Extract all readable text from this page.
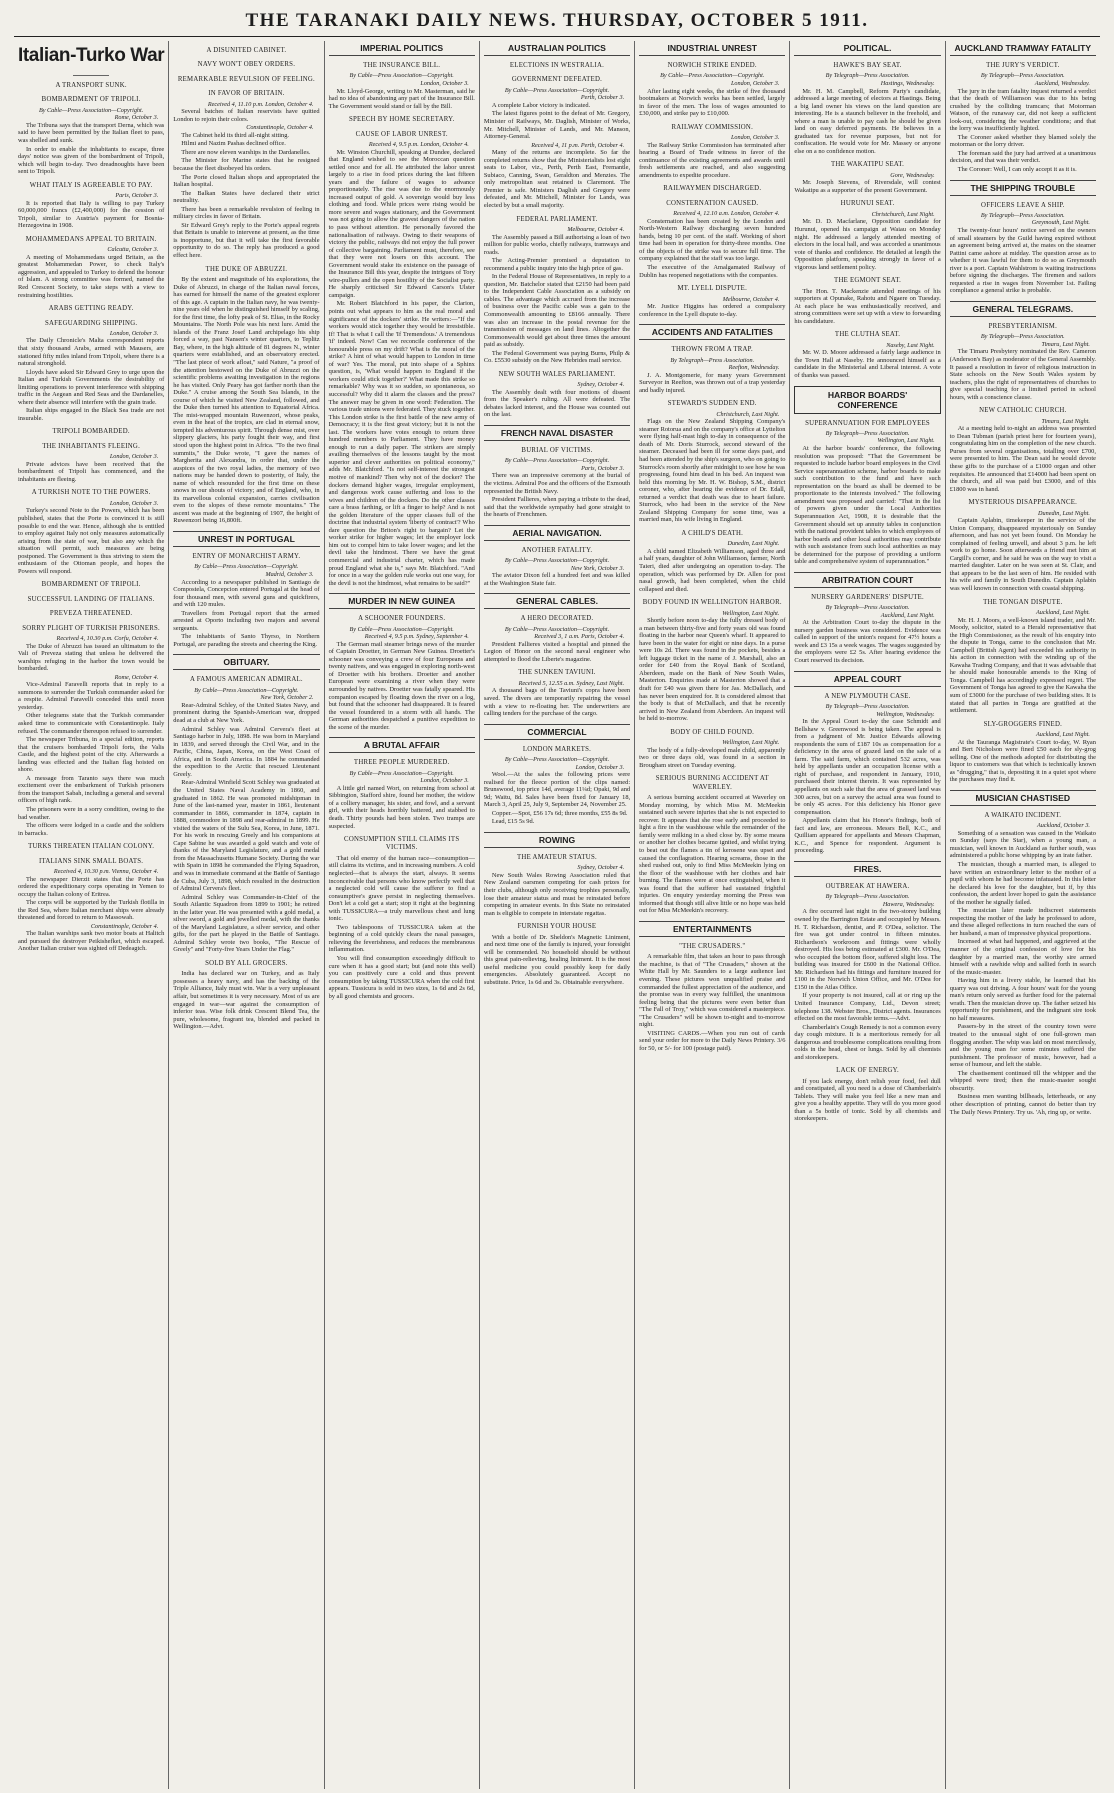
THE TARANAKI DAILY NEWS. THURSDAY, OCTOBER 5 1911.
Italian-Turko War
A TRANSPORT SUNK.
BOMBARDMENT OF TRIPOLI.
By Cable—Press Association—Copyright.
Rome, October 3.

The Tribuna says that the transport Derna, which was said to have been permitted by the Italian fleet to pass, was shelled and sunk.

In order to enable the inhabitants to escape, three days' notice was given of the bombardment of Tripoli, which will begin to-day. Two dreadnoughts have been sent to Tripoli.

WHAT ITALY IS AGREEABLE TO PAY.
Paris, October 3.

It is reported that Italy is willing to pay Turkey 60,000,000 francs (£2,400,000) for the cession of Tripoli, similar to Austria's payment for Bosnia-Herzegovina in 1908.

MOHAMMEDANS APPEAL TO BRITAIN.
Calcutta, October 3.

A meeting of Mohammedans urged Britain, as the greatest Mohammedan Power, to check Italy's aggression, and appealed to Turkey to defend the honour of Islam. A strong committee was formed, named the Red Crescent Society, to take steps with a view to restraining hostilities.

ARABS GETTING READY.
SAFEGUARDING SHIPPING.
London, October 3.

The Daily Chronicle's Malta correspondent reports that sixty thousand Arabs, armed with Mausers, are stationed fifty miles inland from Tripoli, where there is a natural stronghold.

Lloyds have asked Sir Edward Grey to urge upon the Italian and Turkish Governments the desirability of limiting operations to prevent interference with shipping traffic in the Aegean and Red Seas and the Dardanelles, where their absence will interfere with the grain trade.

Italian ships engaged in the Black Sea trade are not insurable.

TRIPOLI BOMBARDED.
THE INHABITANTS FLEEING.
London, October 3.

Private advices have been received that the bombardment of Tripoli has commenced, and the inhabitants are fleeing.

A TURKISH NOTE TO THE POWERS.
London, October 3.

Turkey's second Note to the Powers, which has been published, states that the Porte is convinced it is still possible to end the war. Hence, although she is entitled to employ against Italy not only measures automatically arising from the state of war, but also any which the situation will permit, such measures are being postponed. The Government is thus striving to stem the enthusiasm of the Ottoman people, and hopes the Powers will respond.

BOMBARDMENT OF TRIPOLI.
SUCCESSFUL LANDING OF ITALIANS.
PREVEZA THREATENED.
SORRY PLIGHT OF TURKISH PRISONERS.
Received 4, 10.30 p.m. Corfu, October 4.

The Duke of Abruzzi has issued an ultimatum to the Vali of Preveza stating that unless he delivered the warships refuging in the harbor the town would be bombarded.

Rome, October 4.

Vice-Admiral Faravelli reports that in reply to a summons to surrender the Turkish commander asked for a respite. Admiral Faravelli conceded this until noon yesterday.

Other telegrams state that the Turkish commander asked time to communicate with Constantinople. Italy refused. The commander thereupon refused to surrender.

The newspaper Tribuna, in a special edition, reports that the cruisers bombarded Tripoli forts, the Valis Castle, and the highest point of the city. Afterwards a landing was effected and the Italian flag hoisted on shore.

A message from Taranto says there was much excitement over the embarkment of Turkish prisoners from the transport Sabah, including a general and several officers of high rank.

The prisoners were in a sorry condition, owing to the bad weather.

The officers were lodged in a castle and the soldiers in barracks.

TURKS THREATEN ITALIAN COLONY.
ITALIANS SINK SMALL BOATS.
Received 4, 10.30 p.m. Vienna, October 4.

The newspaper Dierzit states that the Porte has ordered the expeditionary corps operating in Yemen to occupy the Italian colony of Eritrea.

The corps will be supported by the Turkish flotilla in the Red Sea, where Italian merchant ships were already threatened and forced to return to Massowah.

Constantinople, October 4.

The Italian warships sank two motor boats at Halitch and pursued the destroyer Peikishefket, which escaped. Another Italian cruiser was sighted off Dedeagtch.

A DISUNITED CABINET.
NAVY WON'T OBEY ORDERS.
REMARKABLE REVULSION OF FEELING.
IN FAVOR OF BRITAIN.
Received 4, 11.10 p.m. London, October 4.

Several batches of Italian reservists have quitted London to rejoin their colors.

Constantinople, October 4.

The Cabinet held its third all-night sitting.

Hilmi and Nazim Pashas declined office.

There are now eleven warships in the Dardanelles.

The Minister for Marine states that he resigned because the fleet disobeyed his orders.

The Porte closed Italian shops and appropriated the Italian hospital.

The Balkan States have declared their strict neutrality.

There has been a remarkable revulsion of feeling in military circles in favor of Britain.

Sir Edward Grey's reply to the Porte's appeal regrets that Britain is unable to intervene at present, as the time is inopportune, but that it will take the first favorable opportunity to do so. The reply has produced a good effect here.

THE DUKE OF ABRUZZI.

By the extent and magnitude of his explorations, the Duke of Abruzzi, in charge of the Italian naval forces, has earned for himself the name of the greatest explorer of this age. A captain in the Italian navy, he was twenty-nine years old when he distinguished himself by scaling, for the first time, the lofty peak of St. Elias, in the Rocky Mountains. The North Pole was his next lure. Amid the islands of the Franz Josef Land archipelago his ship forced a way, past Nansen's winter quarters, to Teplitz Bay, where, in the high altitude of 81 degrees N., winter quarters were established, and an observatory erected. "The last piece of work afloat," said Nature, "a proof of the attention bestowed on the Duke of Abruzzi on the scientific problems awaiting investigation in the regions he has visited. Only Peary has got farther north than the Duke." A cruise among the South Sea Islands, in the course of which he visited New Zealand, followed, and the Duke then turned his attention to Equatorial Africa. The mist-wrapped mountain Ruwenzori, whose peaks, even in the heat of the tropics, are clad in eternal snow, tempted his adventurous spirit. Through dense mist, over slippery glaciers, his party fought their way, and first stood upon the highest point in Africa. "To the two final summits," the Duke wrote, "I gave the names of Margherita and Alexandra, in order that, under the auspices of the two royal ladies, the memory of two nations may be handed down to posterity, of Italy, the name of which resounded for the first time on these snows in our shouts of victory; and of England, who, in its marvellous colonial expansion, carries civilisation even to the slopes of these remote mountains." The ascent was made at the beginning of 1907, the height of Ruwenzori being 16,800ft.

UNREST IN PORTUGAL
ENTRY OF MONARCHIST ARMY.
By Cable—Press Association—Copyright.
Madrid, October 3.

According to a newspaper published in Santiago de Compostela, Concepcion entered Portugal at the head of four thousand men, with several guns and quickfirers, and with 120 mules.

Travellers from Portugal report that the armed arrested at Oporto including two majors and several sergeants.

The inhabitants of Santo Thyrso, in Northern Portugal, are parading the streets and cheering the King.

OBITUARY.
A FAMOUS AMERICAN ADMIRAL.
By Cable—Press Association—Copyright.
New York, October 2.

Rear-Admiral Schley, of the United States Navy, and prominent during the Spanish-American war, dropped dead at a club at New York.

Admiral Schley was Admiral Cervera's fleet at Santiago harbor in July, 1898. He was born in Maryland in 1839, and served through the Civil War, and in the Pacific, China, Japan, Korea, on the West Coast of Africa, and in South America. In 1884 he commanded the expedition to the Arctic that rescued Lieutenant Greely.

Rear-Admiral Winfield Scott Schley was graduated at the United States Naval Academy in 1860, and graduated in 1862. He was promoted midshipman in June of the last-named year, master in 1861, lieutenant commander in 1866, commander in 1874, captain in 1888, commodore in 1898 and rear-admiral in 1899. He visited the waters of the Sulu Sea, Korea, in June, 1871. For his work in rescuing Greely and his companions at Cape Sabine he was awarded a gold watch and vote of thanks of the Maryland Legislature, and a gold medal from the Massachusetts Humane Society. During the war with Spain in 1898 he commanded the Flying Squadron, and was in immediate command at the Battle of Santiago de Cuba, July 3, 1898, which resulted in the destruction of Admiral Cervera's fleet.

Admiral Schley was Commander-in-Chief of the South Atlantic Squadron from 1899 to 1901; he retired in the latter year. He was presented with a gold medal, a silver sword, a gold and jewelled medal, with the thanks of the Maryland Legislature, a silver service, and other gifts, for the part he played in the Battle of Santiago. Admiral Schley wrote two books, "The Rescue of Greely" and "Forty-five Years Under the Flag."

SOLD BY ALL GROCERS.

India has declared war on Turkey, and as Italy possesses a heavy navy, and has the backing of the Triple Alliance, Italy must win. War is a very unpleasant affair, but sometimes it is very necessary. Most of us are engaged in war—war against the consumption of inferior teas. Wise folk drink Crescent Blend Tea, the pure, wholesome, fragrant tea, blended and packed in Wellington.—Advt.

IMPERIAL POLITICS
THE INSURANCE BILL.
By Cable—Press Association—Copyright.
London, October 3.

Mr. Lloyd-George, writing to Mr. Masterman, said he had no idea of abandoning any part of the Insurance Bill. The Government would stand or fall by the Bill.

SPEECH BY HOME SECRETARY.
CAUSE OF LABOR UNREST.
Received 4, 9.5 p.m. London, October 4.

Mr. Winston Churchill, speaking at Dundee, declared that England wished to see the Moroccan question settled once and for all. He attributed the labor unrest largely to a rise in food prices during the last fifteen years and the failure of wages to advance proportionately. The rise was due to the enormously increased output of gold. A sovereign would buy less clothing and food. While prices were rising would be more severe and wages stationary, and the Government was not going to allow the gravest dangers of the nation to pass without attention. He personally favored the nationalisation of railways. Owing to their weapons of victory the public, railways did not enjoy the full power of collective bargaining. Parliament must, therefore, see that they were not losers on this account. The Government would stake its existence on the passage of the Insurance Bill this year, despite the intrigues of Tory wire-pullers and the open hostility of the Socialist party. He sharply criticised Sir Edward Carson's Ulster campaign.

Mr. Robert Blatchford in his paper, the Clarion, points out what appears to him as the real moral and significance of the dockers' strike. He writers:—"If the workers would stick together they would be irresistible. If! That is what I call the 'If Tremendous.' A tremendous 'if' indeed. Now! Can we reconcile conference of the honourable press on my drift? What is the moral of the strike? A hint of what would happen to London in time of war? Yes. The moral, put into shape of a Sphinx question, is, 'What would happen to England if the workers could stick together?' What made this strike so remarkable? Why was it so sudden, so spontaneous, so successful? Why did it alarm the classes and the press? The answer may be given in one word: Federation. The various trade unions were federated. They stuck together. This London strike is the first battle of the new army of Democracy; it is the first great victory; but it is not the last. The workers have votes enough to return three hundred members to Parliament. They have money enough to run a daily paper. The strikers are simply availing themselves of the lessons taught by the most superior and clever authorities on political economy," adds Mr. Blatchford. "Is not self-interest the strongest motive of mankind? Then why not of the docker? The dockers demand higher wages, irregular employment, and dangerous work cause suffering and loss to the wives and children of the dockers. Do the other classes care a brass farthing, or lift a finger to help? And is not the golden literature of the upper classes full of the doctrine that industrial system 'liberty of contract'? Who dare question the Briton's right to bargain? Let the worker strike for higher wages; let the employer lock him out to compel him to take lower wages; and let the devil take the hindmost. There we have the great commercial and industrial charter, which has made proud England what she is," says Mr. Blatchford. "And for once in a way the golden rule works out one way, for the devil is not the hindmost, what remains to be said?"

MURDER IN NEW GUINEA
A SCHOONER FOUNDERS.
By Cable—Press Association—Copyright.
Received 4, 9.5 p.m. Sydney, September 4.

The German mail steamer brings news of the murder of Captain Droetter, in German New Guinea. Droetter's schooner was conveying a crew of four Europeans and twenty natives, and was engaged in exploring north-west of Droetter with his brothers. Droetter and another European were examining a river when they were surrounded by natives. Droetter was fatally speared. His companion escaped by floating down the river on a log, but found that the schooner had disappeared. It is feared the vessel foundered in a storm with all hands. The German authorities despatched a punitive expedition to the scene of the murder.

A BRUTAL AFFAIR
THREE PEOPLE MURDERED.
By Cable—Press Association—Copyright.
London, October 3.

A little girl named Wort, on returning from school at Sibbington, Stafford shire, found her mother, the widow of a colliery manager, his sister, and fowl, and a servant girl, with their heads horribly battered, and stabbed to death. Thirty pounds had been stolen. Two tramps are suspected.

CONSUMPTION STILL CLAIMS ITS VICTIMS.

That old enemy of the human race—consumption—still claims its victims, and in increasing numbers. A cold neglected—that is always the start, always. It seems inconceivable that persons who know perfectly well that a neglected cold will cause the sufferer to find a consumptive's grave persist in neglecting themselves. Don't let a cold get a start; stop it right at the beginning with TUSSICURA—a truly marvellous chest and lung tonic.

Two tablespoons of TUSSICURA taken at the beginning of a cold quickly clears the nasal passages, relieving the feverishness, and reduces the membranous inflammation.

You will find consumption exceedingly difficult to cure when it has a good start; but (and note this well) you can positively cure a cold and thus prevent consumption by taking TUSSICURA when the cold first appears. Tussicura is sold in two sizes, 1s 6d and 2s 6d, by all good chemists and grocers.

AUSTRALIAN POLITICS
ELECTIONS IN WESTRALIA.
GOVERNMENT DEFEATED.
By Cable—Press Association—Copyright.
Perth, October 3.

A complete Labor victory is indicated.

The latest figures point to the defeat of Mr. Gregory, Minister of Railways, Mr. Daglish, Minister of Works, Mr. Mitchell, Minister of Lands, and Mr. Manson, Attorney-General.

Received 4, 11 p.m. Perth, October 4.

Many of the returns are incomplete. So far the completed returns show that the Ministerialists lost eight seats to Labor, viz., Perth, Perth East, Fremantle, Subiaco, Canning, Swan, Geraldton and Menzies. The only metropolitan seat retained is Claremont. The Premier is safe. Ministers Daglish and Gregory were defeated, and Mr. Mitchell, Minister for Lands, was elected by but a small majority.

FEDERAL PARLIAMENT.
Melbourne, October 4.

The Assembly passed a Bill authorising a loan of two million for public works, chiefly railways, tramways and roads.

The Acting-Premier promised a deputation to recommend a public inquiry into the high price of gas.

In the Federal House of Representatives, in reply to a question, Mr. Batchelor stated that £2150 had been paid to the Independent Cable Association as a subsidy on cables. The advantage which accrued from the increase of business over the Pacific cable was a gain to the Commonwealth amounting to £8166 annually. There was also an increase in the postal revenue for the transmission of messages on land lines. Altogether the Commonwealth would get about three times the amount paid as subsidy.

The Federal Government was paying Burns, Philp & Co. £5530 subsidy on the New Hebrides mail service.

NEW SOUTH WALES PARLIAMENT.
Sydney, October 4.

The Assembly dealt with four motions of dissent from the Speaker's ruling. All were defeated. The debates lacked interest, and the House was counted out on the last.

FRENCH NAVAL DISASTER
BURIAL OF VICTIMS.
By Cable—Press Association—Copyright.
Paris, October 3.

There was an impressive ceremony at the burial of the victims. Admiral Poe and the officers of the Exmouth represented the British Navy.

President Fallieres, when paying a tribute to the dead, said that the worldwide sympathy had gone straight to the hearts of Frenchmen.

AERIAL NAVIGATION.
ANOTHER FATALITY.
By Cable—Press Association—Copyright.
New York, October 3.

The aviator Dixon fell a hundred feet and was killed at the Washington State fair.

GENERAL CABLES.
A HERO DECORATED.
By Cable—Press Association—Copyright.
Received 3, 1 a.m. Paris, October 4.

President Fallieres visited a hospital and pinned the Legion of Honor on the second naval engineer who attempted to flood the Liberte's magazine.

THE SUNKEN TAVIUNI.
Received 5, 12.55 a.m. Sydney, Last Night.

A thousand bags of the Taviuni's copra have been saved. The divers are temporarily repairing the vessel with a view to re-floating her. The underwriters are calling tenders for the purchase of the cargo.

COMMERCIAL
LONDON MARKETS.
By Cable—Press Association—Copyright.
London, October 3.

Wool.—At the sales the following prices were realised for the fleece portion of the clips named: Brunswood, top price 14d, average 11¼d; Opaki, 9d and 9d; Waitu, 8d. Sales have been fixed for January 18, March 3, April 25, July 9, September 24, November 25.

Copper.—Spot, £56 17s 6d; three months, £55 8s 9d.

Lead, £15 5s 9d.

ROWING
THE AMATEUR STATUS.
Sydney, October 4.

New South Wales Rowing Association ruled that New Zealand oarsmen competing for cash prizes for their clubs, although only receiving trophies personally, lose their amateur status and must be reinstated before competing in amateur events. In this State no reinstated man is eligible to compete in interstate regattas.

FURNISH YOUR HOUSE

With a bottle of Dr. Sheldon's Magnetic Liniment, and next time one of the family is injured, your foresight will be commended. No household should be without this great pain-relieving, healing liniment. It is the most useful medicine you could possibly keep for daily emergencies. Absolutely guaranteed. Accept no substitute. Price, 1s 6d and 3s. Obtainable everywhere.

INDUSTRIAL UNREST
NORWICH STRIKE ENDED.
By Cable—Press Association—Copyright.
London, October 3.

After lasting eight weeks, the strike of five thousand bootmakers at Norwich works has been settled, largely in favor of the men. The loss of wages amounted to £30,000, and strike pay to £10,000.

RAILWAY COMMISSION.
London, October 3.

The Railway Strike Commission has terminated after hearing a Board of Trade witness in favor of the continuance of the existing agreements and awards until fresh settlements are reached, and also suggesting amendments to expedite procedure.

RAILWAYMEN DISCHARGED.
CONSTERNATION CAUSED.
Received 4, 12.10 a.m. London, October 4.

Consternation has been created by the London and North-Western Railway discharging seven hundred hands, being 10 per cent. of the staff. Working of short time had been in operation for thirty-three months. One of the objects of the strike was to secure full time. The company explained that the staff was too large.

The executive of the Amalgamated Railway of Dublin has reopened negotiations with the companies.

MT. LYELL DISPUTE.
Melbourne, October 4.

Mr. Justice Higgins has ordered a compulsory conference in the Lyell dispute to-day.

ACCIDENTS AND FATALITIES
THROWN FROM A TRAP.
By Telegraph—Press Association.
Reefton, Wednesday.

J. A. Montgomerie, for many years Government Surveyor in Reefton, was thrown out of a trap yesterday and badly injured.

STEWARD'S SUDDEN END.
Christchurch, Last Night.

Flags on the New Zealand Shipping Company's steamer Rotorua and on the company's office at Lyttelton were flying half-mast high to-day in consequence of the death of Mr. Doris Sturrock, second steward of the steamer. Deceased had been ill for some days past, and had been attended by the ship's surgeon, who on going to Sturrock's room shortly after midnight to see how he was progressing, found him dead in his bed. An inquest was held this morning by Mr. H. W. Bishop, S.M., district coroner, who, after hearing the evidence of Dr. Edall, returned a verdict that death was due to heart failure. Sturrock, who had been in the service of the New Zealand Shipping Company for some time, was a married man, his wife living in England.

A CHILD'S DEATH.
Dunedin, Last Night.

A child named Elizabeth Williamson, aged three and a half years, daughter of John Williamson, farmer, North Taieri, died after undergoing an operation to-day. The operation, which was performed by Dr. Allen for post nasal growth, had been completed, when the child collapsed and died.

BODY FOUND IN WELLINGTON HARBOR.
Wellington, Last Night.

Shortly before noon to-day the fully dressed body of a man between thirty-five and forty years old was found floating in the harbor near Queen's wharf. It appeared to have been in the water for eight or nine days. In a purse were 10s 2d. There was found in the pockets, besides a left luggage ticket in the name of J. Marshall, also an order for £40 from the Royal Bank of Scotland, Aberdeen, made on the Bank of New South Wales, Masterton. Enquiries made at Masterton showed that a draft for £40 was given there for Jas. McDallach, and has never been enquired for. It is considered almost that the body is that of McDallach, and that he recently arrived in New Zealand from Aberdeen. An inquest will be held to-morrow.

BODY OF CHILD FOUND.
Wellington, Last Night.

The body of a fully-developed male child, apparently two or three days old, was found in a section in Brougham street on Tuesday evening.

SERIOUS BURNING ACCIDENT AT WAVERLEY.

A serious burning accident occurred at Waverley on Monday morning, by which Miss M. McMeekin sustained such severe injuries that she is not expected to recover. It appears that she rose early and proceeded to light a fire in the washhouse while the remainder of the family were milking in a shed close by. By some means or another her clothes became ignited, and whilst trying to beat out the flames a tin of kerosene was upset and caused the conflagration. Hearing screams, those in the shed rushed out, only to find Miss McMeekin lying on the floor of the washhouse with her clothes and hair burning. The flames were at once extinguished, when it was found that the sufferer had sustained frightful injuries. On enquiry yesterday morning the Press was informed that though still alive little or no hope was held out for Miss McMeekin's recovery.

ENTERTAINMENTS
"THE CRUSADERS."

A remarkable film, that takes an hour to pass through the machine, is that of "The Crusaders," shown at the White Hall by Mr. Saunders to a large audience last evening. These pictures won unqualified praise and commanded the fullest appreciation of the audience, and the promise was in every way fulfilled, the unanimous feeling being that the pictures were even better than "The Fall of Troy," which was considered a masterpiece. "The Crusaders" will be shown to-night and to-morrow night.

VISITING CARDS.—When you run out of cards send your order for more to the Daily News Printery. 3/6 for 50, or 5/- for 100 (postage paid).

POLITICAL.
HAWKE'S BAY SEAT.
By Telegraph—Press Association.
Hastings, Wednesday.

Mr. H. M. Campbell, Reform Party's candidate, addressed a large meeting of electors at Hastings. Being a big land owner his views on the land question are interesting. He is a staunch believer in the freehold, and where a man is unable to pay cash he should be given land on easy deferred payments. He believes in a graduated tax for revenue purposes, but not for confiscation. He would vote for Mr. Massey or anyone else on a no confidence motion.

THE WAKATIPU SEAT.
Gore, Wednesday.

Mr. Joseph Stevens, of Riversdale, will contest Wakatipu as a supporter of the present Government.

HURUNUI SEAT.
Christchurch, Last Night.

Mr. D. D. Macfarlane, Opposition candidate for Hurunui, opened his campaign at Waiau on Monday night. He addressed a largely attended meeting of electors in the local hall, and was accorded a unanimous vote of thanks and confidence. He detailed at length the Opposition platform, speaking strongly in favor of a vigorous land settlement policy.

THE EGMONT SEAT.

The Hon. T. Mackenzie attended meetings of his supporters at Opunake, Rahotu and Ngaere on Tuesday. At each place he was enthusiastically received, and strong committees were set up with a view to forwarding his candidature.

THE CLUTHA SEAT.
Naseby, Last Night.

Mr. W. D. Moore addressed a fairly large audience in the Town Hall at Naseby. He announced himself as a candidate in the Ministerial and Liberal interest. A vote of thanks was passed.

HARBOR BOARDS' CONFERENCE
SUPERANNUATION FOR EMPLOYEES
By Telegraph—Press Association.
Wellington, Last Night.

At the harbor boards' conference, the following resolution was proposed: "That the Government be requested to include harbor board employees in the Civil Service superannuation scheme, harbor boards to make such contribution to the fund and have such representation on the board as shall be deemed to be proportionate to the interests involved." The following amendment was proposed and carried: "That in the list of powers given under the Local Authorities Superannuation Act, 1908, it is desirable that the Government should set up annuity tables in conjunction with the national provident tables to which employees of harbor boards and other local authorities may contribute with such assistance from such local authorities as may be determined for the purpose of providing a uniform table and comprehensive system of superannuation."

ARBITRATION COURT
NURSERY GARDENERS' DISPUTE.
By Telegraph—Press Association.
Auckland, Last Night.

At the Arbitration Court to-day the dispute in the nursery garden business was considered. Evidence was called in support of the union's request for 47½ hours a week and £3 15s a week wages. The wages suggested by the employers were £2 5s. After hearing evidence the Court reserved its decision.

APPEAL COURT
A NEW PLYMOUTH CASE.
By Telegraph—Press Association.
Wellington, Wednesday.

In the Appeal Court to-day the case Schmidt and Bellshaw v. Greenwood is being taken. The appeal is from a judgment of Mr. Justice Edwards allowing respondents the sum of £187 10s as compensation for a deficiency in the area of grazed land on the sale of a farm. The said farm, which contained 532 acres, was held by appellants under an occupation license with a right of purchase, and respondent in January, 1910, purchased their interest therein. It was represented by appellants on such sale that the area of grassed land was 300 acres, but on a survey the actual area was found to be only 45 acres. For this deficiency his Honor gave compensation.

Appellants claim that his Honor's findings, both of fact and law, are erroneous. Messrs Bell, K.C., and Quilliam appeared for appellants and Messrs Chapman, K.C., and Spence for respondent. Argument is proceeding.

FIRES.
OUTBREAK AT HAWERA.
By Telegraph—Press Association.
Hawera, Wednesday.

A fire occurred last night in the two-storey building owned by the Barrington Estate and occupied by Messrs. H. T. Richardson, dentist, and P. O'Dea, solicitor. The fire was got under control in fifteen minutes. Richardson's workroom and fittings were wholly destroyed. His loss being estimated at £300. Mr. O'Dea, who occupied the bottom floor, suffered slight loss. The building was insured for £600 in the National Office. Mr. Richardson had his fittings and furniture insured for £100 in the Norwich Union Office, and Mr. O'Dea for £150 in the Atlas Office.

If your property is not insured, call at or ring up the United Insurance Company, Ltd., Devon street; telephone 138. Webster Bros., District agents. Insurances effected on the most favorable terms.—Advt.

Chamberlain's Cough Remedy is not a common every day cough mixture. It is a meritorious remedy for all dangerous and troublesome complications resulting from colds in the head, chest or lungs. Sold by all chemists and storekeepers.

LACK OF ENERGY.

If you lack energy, don't relish your food, feel dull and constipated, all you need is a dose of Chamberlain's Tablets. They will make you feel like a new man and give you a healthy appetite. They will do you more good than a 5s bottle of tonic. Sold by all chemists and storekeepers.

AUCKLAND TRAMWAY FATALITY
THE JURY'S VERDICT.
By Telegraph—Press Association.
Auckland, Wednesday.

The jury in the tram fatality inquest returned a verdict that the death of Williamson was due to his being crushed by the colliding tramcars; that Motorman Watson, of the runaway car, did not keep a sufficient look-out, considering the weather conditions; and that the lorry was insufficiently lighted.

The Coroner asked whether they blamed solely the motorman or the lorry driver.

The foreman said the jury had arrived at a unanimous decision, and that was their verdict.

The Coroner: Well, I can only accept it as it is.

THE SHIPPING TROUBLE
OFFICERS LEAVE A SHIP.
By Telegraph—Press Association.
Greymouth, Last Night.

The twenty-four hours' notice served on the owners of small steamers by the Guild having expired without an agreement being arrived at, the mates on the steamer Pattini came ashore at midday. The question arose as to whether it was lawful for them to do so as Greymouth river is a port. Captain Wahlstrom is waiting instructions before signing the discharges. The firemen and sailors requested a rise in wages from November 1st. Failing compliance a general strike is probable.

GENERAL TELEGRAMS.
PRESBYTERIANISM.
By Telegraph—Press Association.
Timaru, Last Night.

The Timaru Presbytery nominated the Rev. Cameron (Anderson's Bay) as moderator of the General Assembly. It passed a resolution in favor of religious instruction in State schools on the New South Wales system by teachers, plus the right of representatives of churches to give special teaching for a limited period in school hours, with a conscience clause.

NEW CATHOLIC CHURCH.
Timaru, Last Night.

At a meeting held to-night an address was presented to Dean Tubman (parish priest here for fourteen years), congratulating him on the completion of the new church. Purses from several organisations, totalling over £700, were presented to him. The Dean said he would devote these gifts to the purchase of a £1000 organ and other requisites. He announced that £14000 had been spent on the church, and all was paid but £3000, and of this £1800 was in hand.

MYSTERIOUS DISAPPEARANCE.
Dunedin, Last Night.

Captain Aplabin, timekeeper in the service of the Union Company, disappeared mysteriously on Sunday afternoon, and has not yet been found. On Monday he complained of feeling unwell, and about 3 p.m. he left work to go home. Soon afterwards a friend met him at Cargill's corner, and he said he was on the way to visit a married daughter. Later on he was seen at St. Clair, and that appears to be the last seen of him. He resided with his wife and family in South Dunedin. Captain Aplabin was well known in connection with coastal shipping.

THE TONGAN DISPUTE.
Auckland, Last Night.

Mr. H. J. Moors, a well-known island trader, and Mr. Moody, solicitor, stated to a Herald representative that the High Commissioner, as the result of his enquiry into the dispute in Tonga, came to the conclusion that Mr. Campbell (British Agent) had exceeded his authority in his action in connection with the winding up of the Kawaha Trading Company, and that it was advisable that he should make honourable amends to the King of Tonga. Campbell has accordingly expressed regret. The Government of Tonga has agreed to give the Kawaha the sum of £3000 for the purchase of two building sites. It is stated that all parties in Tonga are gratified at the settlement.

SLY-GROGGERS FINED.
Auckland, Last Night.

At the Tauranga Magistrate's Court to-day, W. Ryan and Bert Nicholson were fined £50 each for sly-grog selling. One of the methods adopted for distributing the liquor to customers was that which is technically known as "drugging," that is, depositing it in a quiet spot where the purchases may find it.

MUSICIAN CHASTISED
A WAIKATO INCIDENT.
Auckland, October 3.

Something of a sensation was caused in the Waikato on Sunday (says the Star), when a young man, a musician, well known in Auckland as further south, was administered a public horse whipping by an irate father.

The musician, though a married man, is alleged to have written an extraordinary letter to the mother of a pupil with whom he had become infatuated. In this letter he declared his love for the daughter, but if, by this confession, the ardent lover hoped to gain the assistance of the mother he signally failed.

The musician later made indiscreet statements respecting the mother of the lady he professed to adore, and these alleged reflections in turn reached the ears of her husband, a man of impressive physical proportions.

Incensed at what had happened, and aggrieved at the manner of the original confession of love for his daughter by a married man, the worthy sire armed himself with a rawhide whip and sallied forth in search of the music-master.

Having him in a livery stable, he learned that his quarry was out driving. A four hours' wait for the young man's return only served as further food for the paternal wrath. Then the musician drove up. The father seized his opportunity for punishment, and the indignant sire took no half measures.

Passers-by in the street of the country town were treated to the unusual sight of one full-grown man flogging another. The whip was laid on most mercilessly, and the young man for some minutes suffered the punishment. The professor of music, however, had a sense of humour, and left the stable.

The chastisement continued till the whipper and the whipped were tired; then the music-master sought obscurity.

Business men wanting billheads, letterheads, or any other description of printing, cannot do better than try The Daily News Printery. Try us. 'Ah, ring up, or write.
